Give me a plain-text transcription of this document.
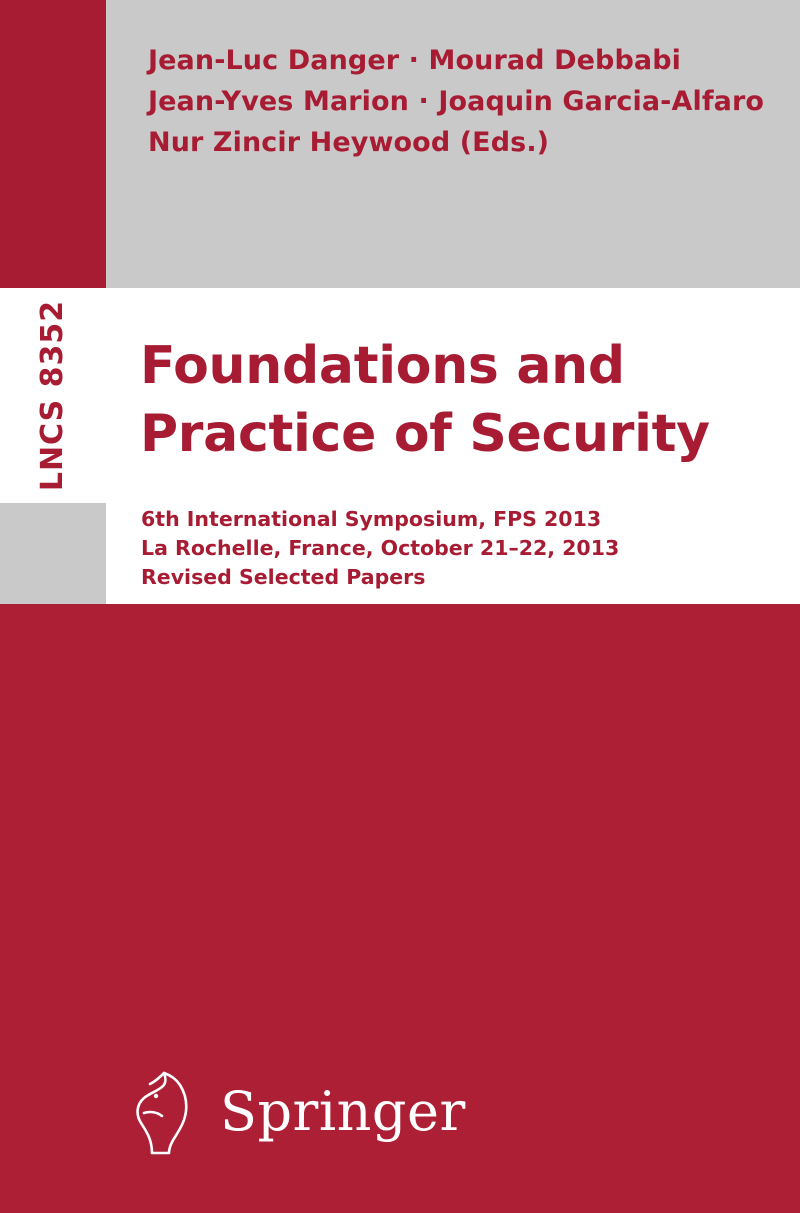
Jean-Luc Danger · Mourad Debbabi
Jean-Yves Marion · Joaquin Garcia-Alfaro
Nur Zincir Heywood (Eds.)
LNCS 8352 Foundations and
Practice of Security
6th International Symposium, FPS 2013
La Rochelle, France, October 21–22, 2013
Revised Selected Papers
Springer
